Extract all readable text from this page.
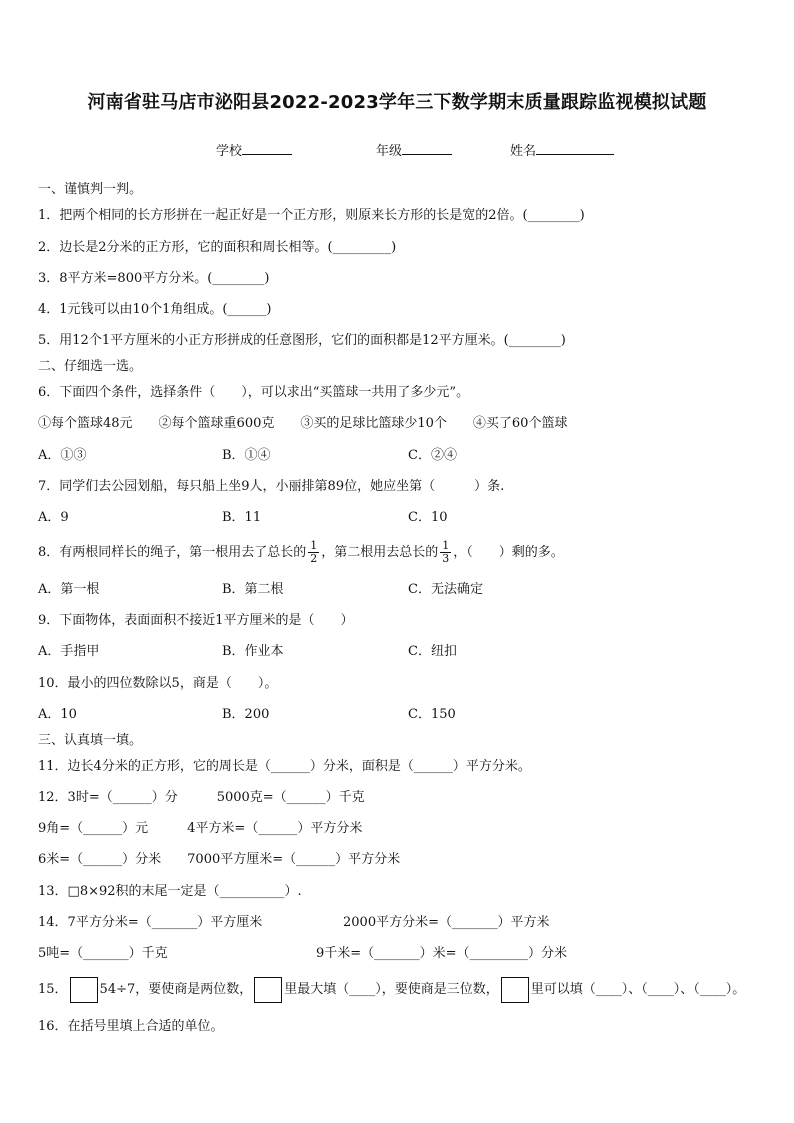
河南省驻马店市泌阳县2022-2023学年三下数学期末质量跟踪监视模拟试题
学校	年级	姓名
一、谨慎判一判。
1．把两个相同的长方形拼在一起正好是一个正方形，则原来长方形的长是宽的2倍。(________)
2．边长是2分米的正方形，它的面积和周长相等。(_________)
3．8平方米=800平方分米。(________)
4．1元钱可以由10个1角组成。(______)
5．用12个1平方厘米的小正方形拼成的任意图形，它们的面积都是12平方厘米。(________)
二、仔细选一选。
6．下面四个条件，选择条件（　　），可以求出“买篮球一共用了多少元”。
①每个篮球48元　　②每个篮球重600克　　③买的足球比篮球少10个　　④买了60个篮球
A．①③	B．①④	C．②④
7．同学们去公园划船，每只船上坐9人，小丽排第89位，她应坐第（　　　）条.
A．9	B．11	C．10
8．有两根同样长的绳子，第一根用去了总长的 $\frac{1}{2}$ ，第二根用去总长的 $\frac{1}{3}$ ，（　　）剩的多。
A．第一根	B．第二根	C．无法确定
9．下面物体，表面面积不接近1平方厘米的是（　　）
A．手指甲	B．作业本	C．纽扣
10．最小的四位数除以5，商是（　　）。
A．10	B．200	C．150
三、认真填一填。
11．边长4分米的正方形，它的周长是（______）分米，面积是（______）平方分米。
12．3时=（______）分　　　5000克=（______）千克
9角=（______）元　　　4平方米=（______）平方分米
6米=（______）分米　　7000平方厘米=（______）平方分米
13．□8×92积的末尾一定是（__________）.
14．7平方分米=（_______）平方厘米	2000平方分米=（_______）平方米
5吨=（_______）千克	9千米=（_______）米=（_________）分米
15． 54÷7，要使商是两位数， 里最大填（____），要使商是三位数， 里可以填（____）、（____）、（____）。
16．在括号里填上合适的单位。
